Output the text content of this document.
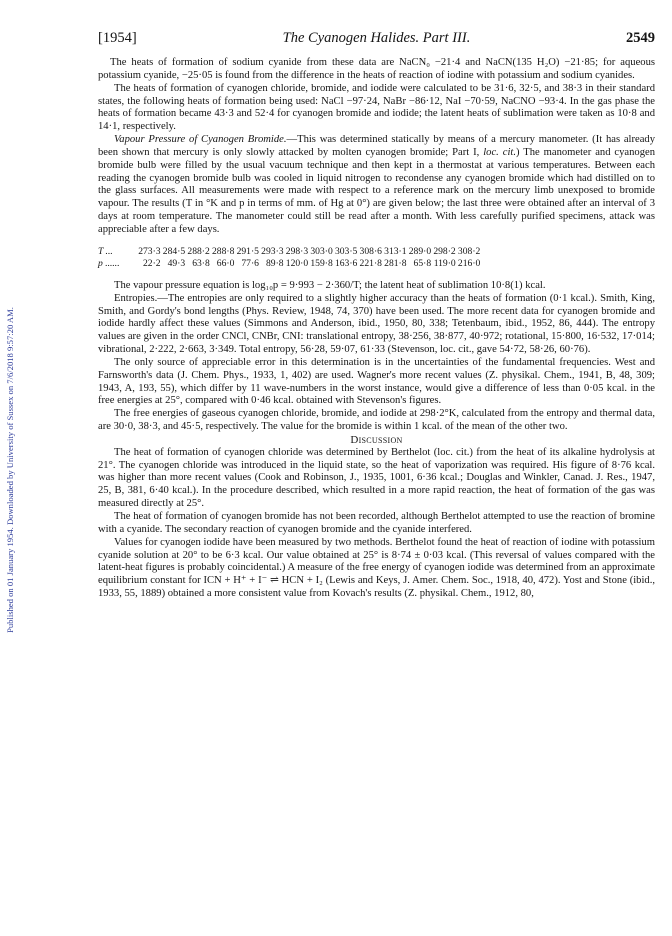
Published on 01 January 1954. Downloaded by University of Sussex on 7/6/2018 9:57:20 AM.
[1954]	The Cyanogen Halides. Part III.	2549

The heats of formation of sodium cyanide from these data are NaCN₀ −21·4 and NaCN(135 H₂O) −21·85; for aqueous potassium cyanide, −25·05 is found from the difference in the heats of reaction of iodine with potassium and sodium cyanides.

The heats of formation of cyanogen chloride, bromide, and iodide were calculated to be 31·6, 32·5, and 38·3 in their standard states, the following heats of formation being used: NaCl −97·24, NaBr −86·12, NaI −70·59, NaCNO −93·4. In the gas phase the heats of formation became 43·3 and 52·4 for cyanogen bromide and iodide; the latent heats of sublimation were taken as 10·8 and 14·1, respectively.

Vapour Pressure of Cyanogen Bromide.—This was determined statically by means of a mercury manometer. (It has already been shown that mercury is only slowly attacked by molten cyanogen bromide; Part I, loc. cit.) The manometer and cyanogen bromide bulb were filled by the usual vacuum technique and then kept in a thermostat at various temperatures. Between each reading the cyanogen bromide bulb was cooled in liquid nitrogen to recondense any cyanogen bromide which had distilled on to the glass surfaces. All measurements were made with respect to a reference mark on the mercury limb unexposed to bromide vapour. The results (T in °K and p in terms of mm. of Hg at 0°) are given below; the last three were obtained after an interval of 3 days at room temperature. The manometer could still be read after a month. With less carefully purified specimens, attack was appreciable after a few days.

T ...	273·3 284·5 288·2 288·8 291·5 293·3 298·3 303·0 303·5 308·6 313·1 289·0 298·2 308·2
p ......	22·2 49·3 63·8 66·0 77·6 89·8 120·0 159·8 163·6 221·8 281·8 65·8 119·0 216·0

The vapour pressure equation is log₁₀p = 9·993 − 2·360/T; the latent heat of sublimation 10·8(1) kcal.

Entropies.—The entropies are only required to a slightly higher accuracy than the heats of formation (0·1 kcal.). Smith, King, Smith, and Gordy's bond lengths (Phys. Review, 1948, 74, 370) have been used. The more recent data for cyanogen bromide and iodide hardly affect these values (Simmons and Anderson, ibid., 1950, 80, 338; Tetenbaum, ibid., 1952, 86, 444). The entropy values are given in the order CNCl, CNBr, CNI: translational entropy, 38·256, 38·877, 40·972; rotational, 15·800, 16·532, 17·014; vibrational, 2·222, 2·663, 3·349. Total entropy, 56·28, 59·07, 61·33 (Stevenson, loc. cit., gave 54·72, 58·26, 60·76).

The only source of appreciable error in this determination is in the uncertainties of the fundamental frequencies. West and Farnsworth's data (J. Chem. Phys., 1933, 1, 402) are used. Wagner's more recent values (Z. physikal. Chem., 1941, B, 48, 309; 1943, A, 193, 55), which differ by 11 wave-numbers in the worst instance, would give a difference of less than 0·05 kcal. in the free energies at 25°, compared with 0·46 kcal. obtained with Stevenson's figures.

The free energies of gaseous cyanogen chloride, bromide, and iodide at 298·2°K, calculated from the entropy and thermal data, are 30·0, 38·3, and 45·5, respectively. The value for the bromide is within 1 kcal. of the mean of the other two.

Discussion

The heat of formation of cyanogen chloride was determined by Berthelot (loc. cit.) from the heat of its alkaline hydrolysis at 21°. The cyanogen chloride was introduced in the liquid state, so the heat of vaporization was required. His figure of 8·76 kcal. was higher than more recent values (Cook and Robinson, J., 1935, 1001, 6·36 kcal.; Douglas and Winkler, Canad. J. Res., 1947, 25, B, 381, 6·40 kcal.). In the procedure described, which resulted in a more rapid reaction, the heat of formation of the gas was measured directly at 25°.

The heat of formation of cyanogen bromide has not been recorded, although Berthelot attempted to use the reaction of bromine with a cyanide. The secondary reaction of cyanogen bromide and the cyanide interfered.

Values for cyanogen iodide have been measured by two methods. Berthelot found the heat of reaction of iodine with potassium cyanide solution at 20° to be 6·3 kcal. Our value obtained at 25° is 8·74 ± 0·03 kcal. (This reversal of values compared with the latent-heat figures is probably coincidental.) A measure of the free energy of cyanogen iodide was determined from an approximate equilibrium constant for ICN + H⁺ + I⁻ ⇌ HCN + I₂ (Lewis and Keys, J. Amer. Chem. Soc., 1918, 40, 472). Yost and Stone (ibid., 1933, 55, 1889) obtained a more consistent value from Kovach's results (Z. physikal. Chem., 1912, 80,
